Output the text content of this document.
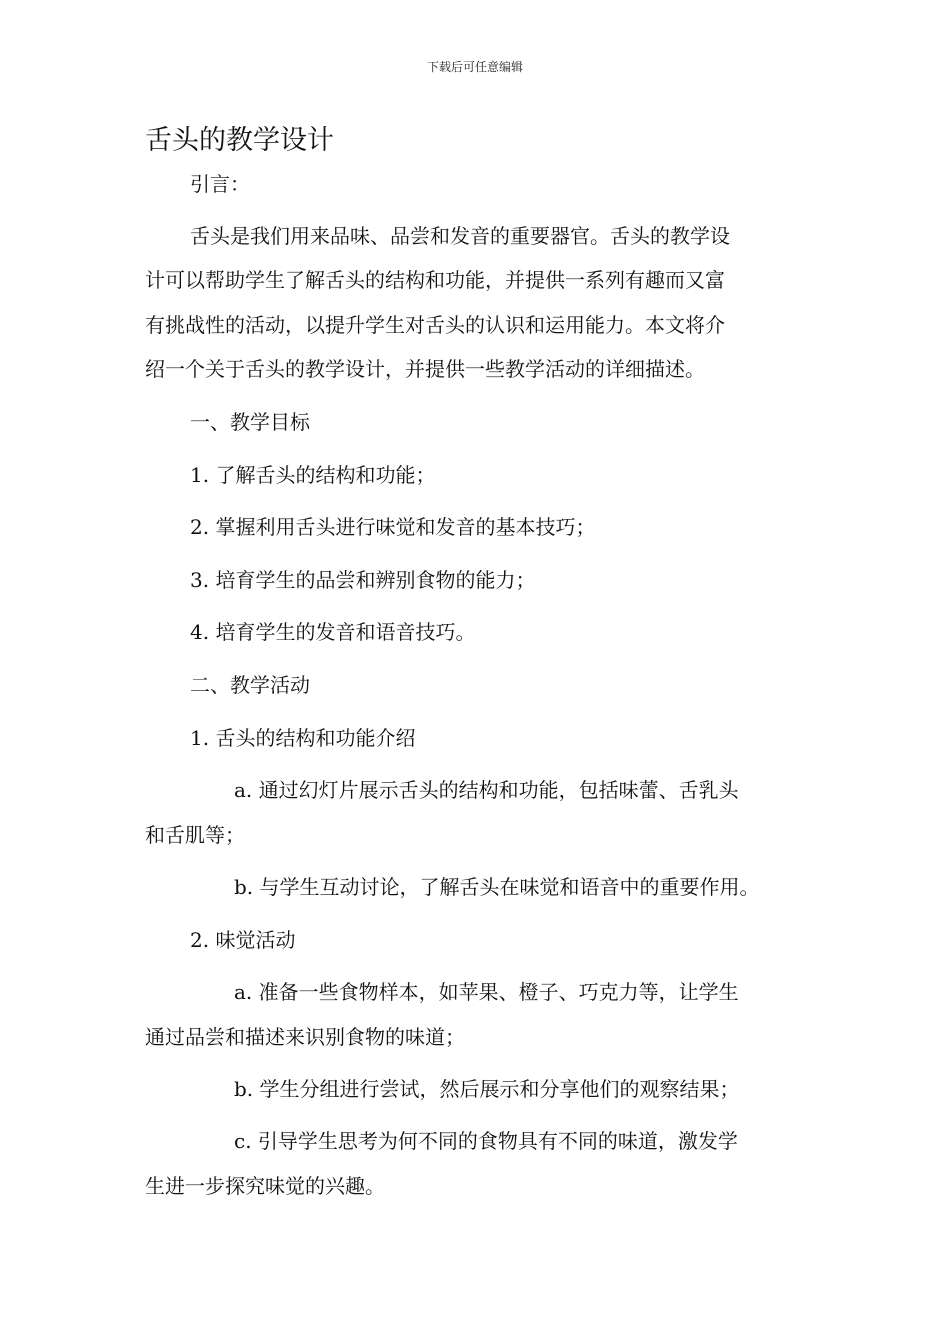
下载后可任意编辑
舌头的教学设计
引言：
舌头是我们用来品味、品尝和发音的重要器官。舌头的教学设
计可以帮助学生了解舌头的结构和功能，并提供一系列有趣而又富
有挑战性的活动，以提升学生对舌头的认识和运用能力。本文将介
绍一个关于舌头的教学设计，并提供一些教学活动的详细描述。
一、教学目标
1. 了解舌头的结构和功能；
2. 掌握利用舌头进行味觉和发音的基本技巧；
3. 培育学生的品尝和辨别食物的能力；
4. 培育学生的发音和语音技巧。
二、教学活动
1. 舌头的结构和功能介绍
a. 通过幻灯片展示舌头的结构和功能，包括味蕾、舌乳头
和舌肌等；
b. 与学生互动讨论，了解舌头在味觉和语音中的重要作用。
2. 味觉活动
a. 准备一些食物样本，如苹果、橙子、巧克力等，让学生
通过品尝和描述来识别食物的味道；
b. 学生分组进行尝试，然后展示和分享他们的观察结果；
c. 引导学生思考为何不同的食物具有不同的味道，激发学
生进一步探究味觉的兴趣。
